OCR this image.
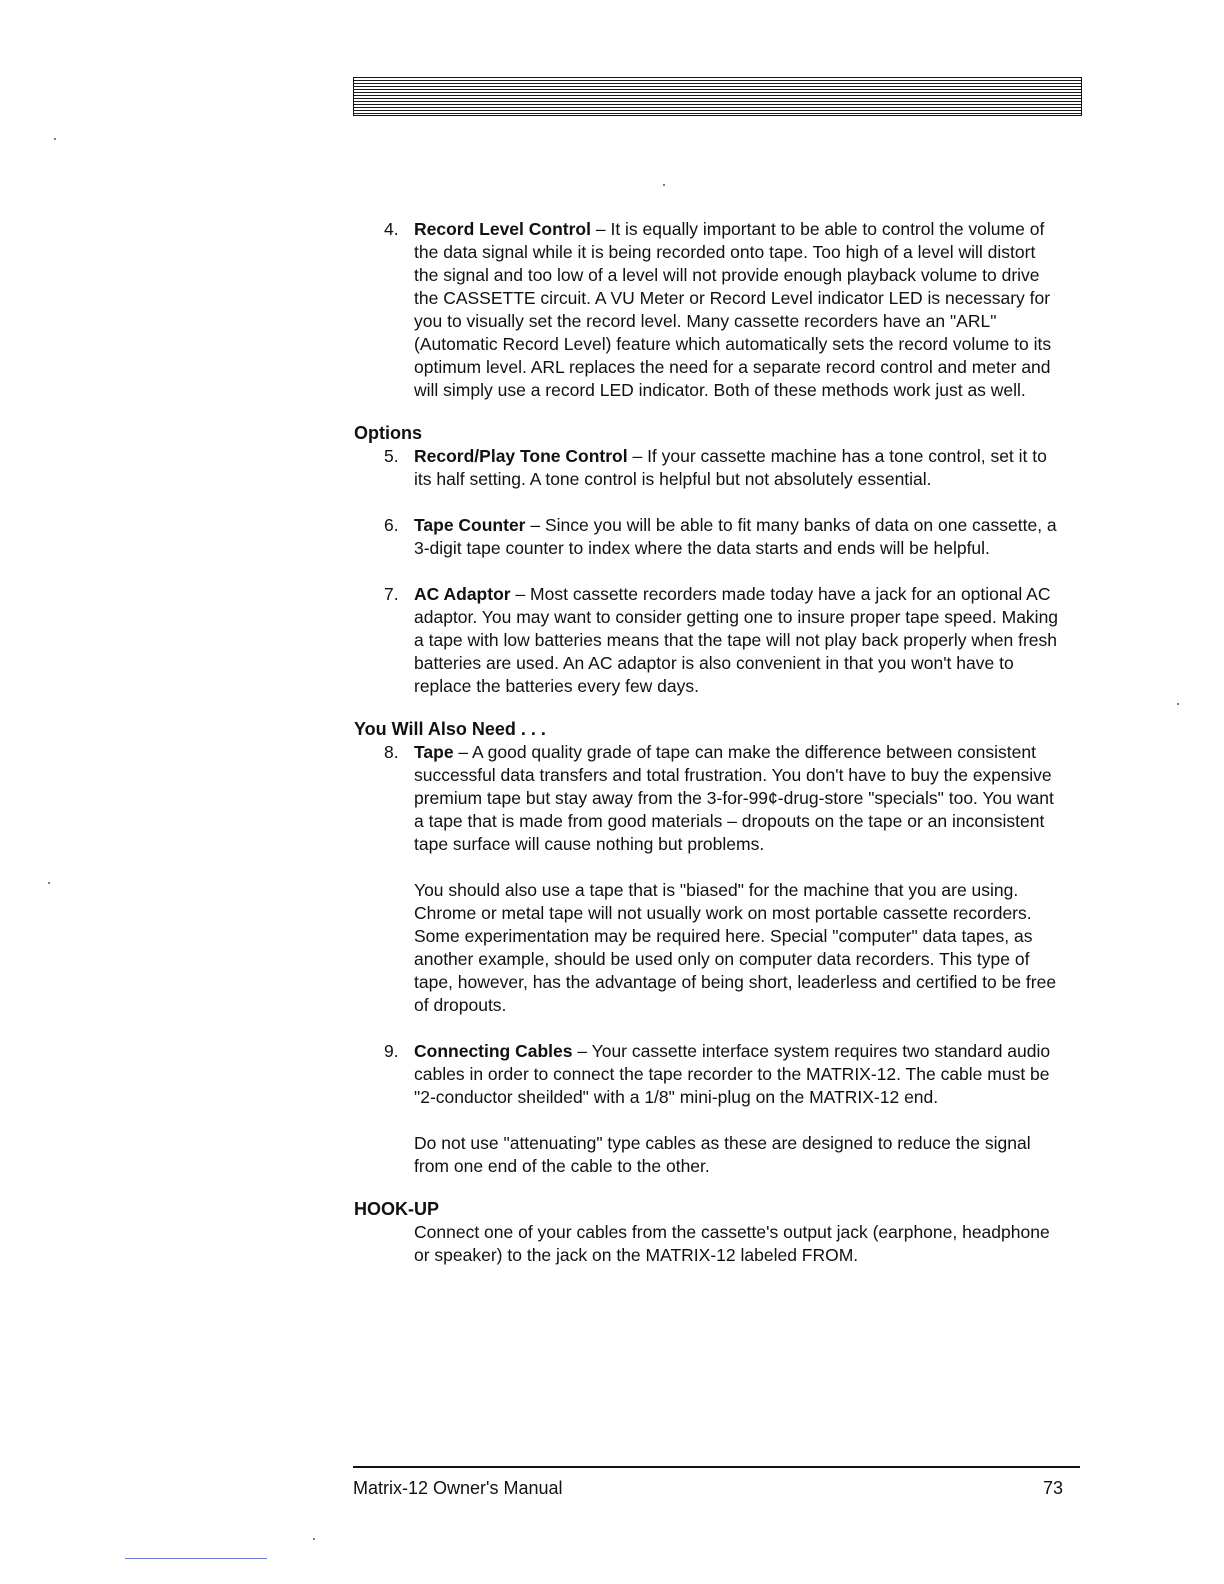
4. Record Level Control – It is equally important to be able to control the volume of the data signal while it is being recorded onto tape. Too high of a level will distort the signal and too low of a level will not provide enough playback volume to drive the CASSETTE circuit. A VU Meter or Record Level indicator LED is necessary for you to visually set the record level. Many cassette recorders have an "ARL" (Automatic Record Level) feature which automatically sets the record volume to its optimum level. ARL replaces the need for a separate record control and meter and will simply use a record LED indicator. Both of these methods work just as well.

Options
5. Record/Play Tone Control – If your cassette machine has a tone control, set it to its half setting. A tone control is helpful but not absolutely essential.

6. Tape Counter – Since you will be able to fit many banks of data on one cassette, a 3-digit tape counter to index where the data starts and ends will be helpful.

7. AC Adaptor – Most cassette recorders made today have a jack for an optional AC adaptor. You may want to consider getting one to insure proper tape speed. Making a tape with low batteries means that the tape will not play back properly when fresh batteries are used. An AC adaptor is also convenient in that you won't have to replace the batteries every few days.

You Will Also Need . . .
8. Tape – A good quality grade of tape can make the difference between consistent successful data transfers and total frustration. You don't have to buy the expensive premium tape but stay away from the 3-for-99¢-drug-store "specials" too. You want a tape that is made from good materials – dropouts on the tape or an inconsistent tape surface will cause nothing but problems.

You should also use a tape that is "biased" for the machine that you are using. Chrome or metal tape will not usually work on most portable cassette recorders. Some experimentation may be required here. Special "computer" data tapes, as another example, should be used only on computer data recorders. This type of tape, however, has the advantage of being short, leaderless and certified to be free of dropouts.

9. Connecting Cables – Your cassette interface system requires two standard audio cables in order to connect the tape recorder to the MATRIX-12. The cable must be "2-conductor sheilded" with a 1/8" mini-plug on the MATRIX-12 end.

Do not use "attenuating" type cables as these are designed to reduce the signal from one end of the cable to the other.

HOOK-UP
Connect one of your cables from the cassette's output jack (earphone, headphone or speaker) to the jack on the MATRIX-12 labeled FROM.
Matrix-12 Owner's Manual	73
